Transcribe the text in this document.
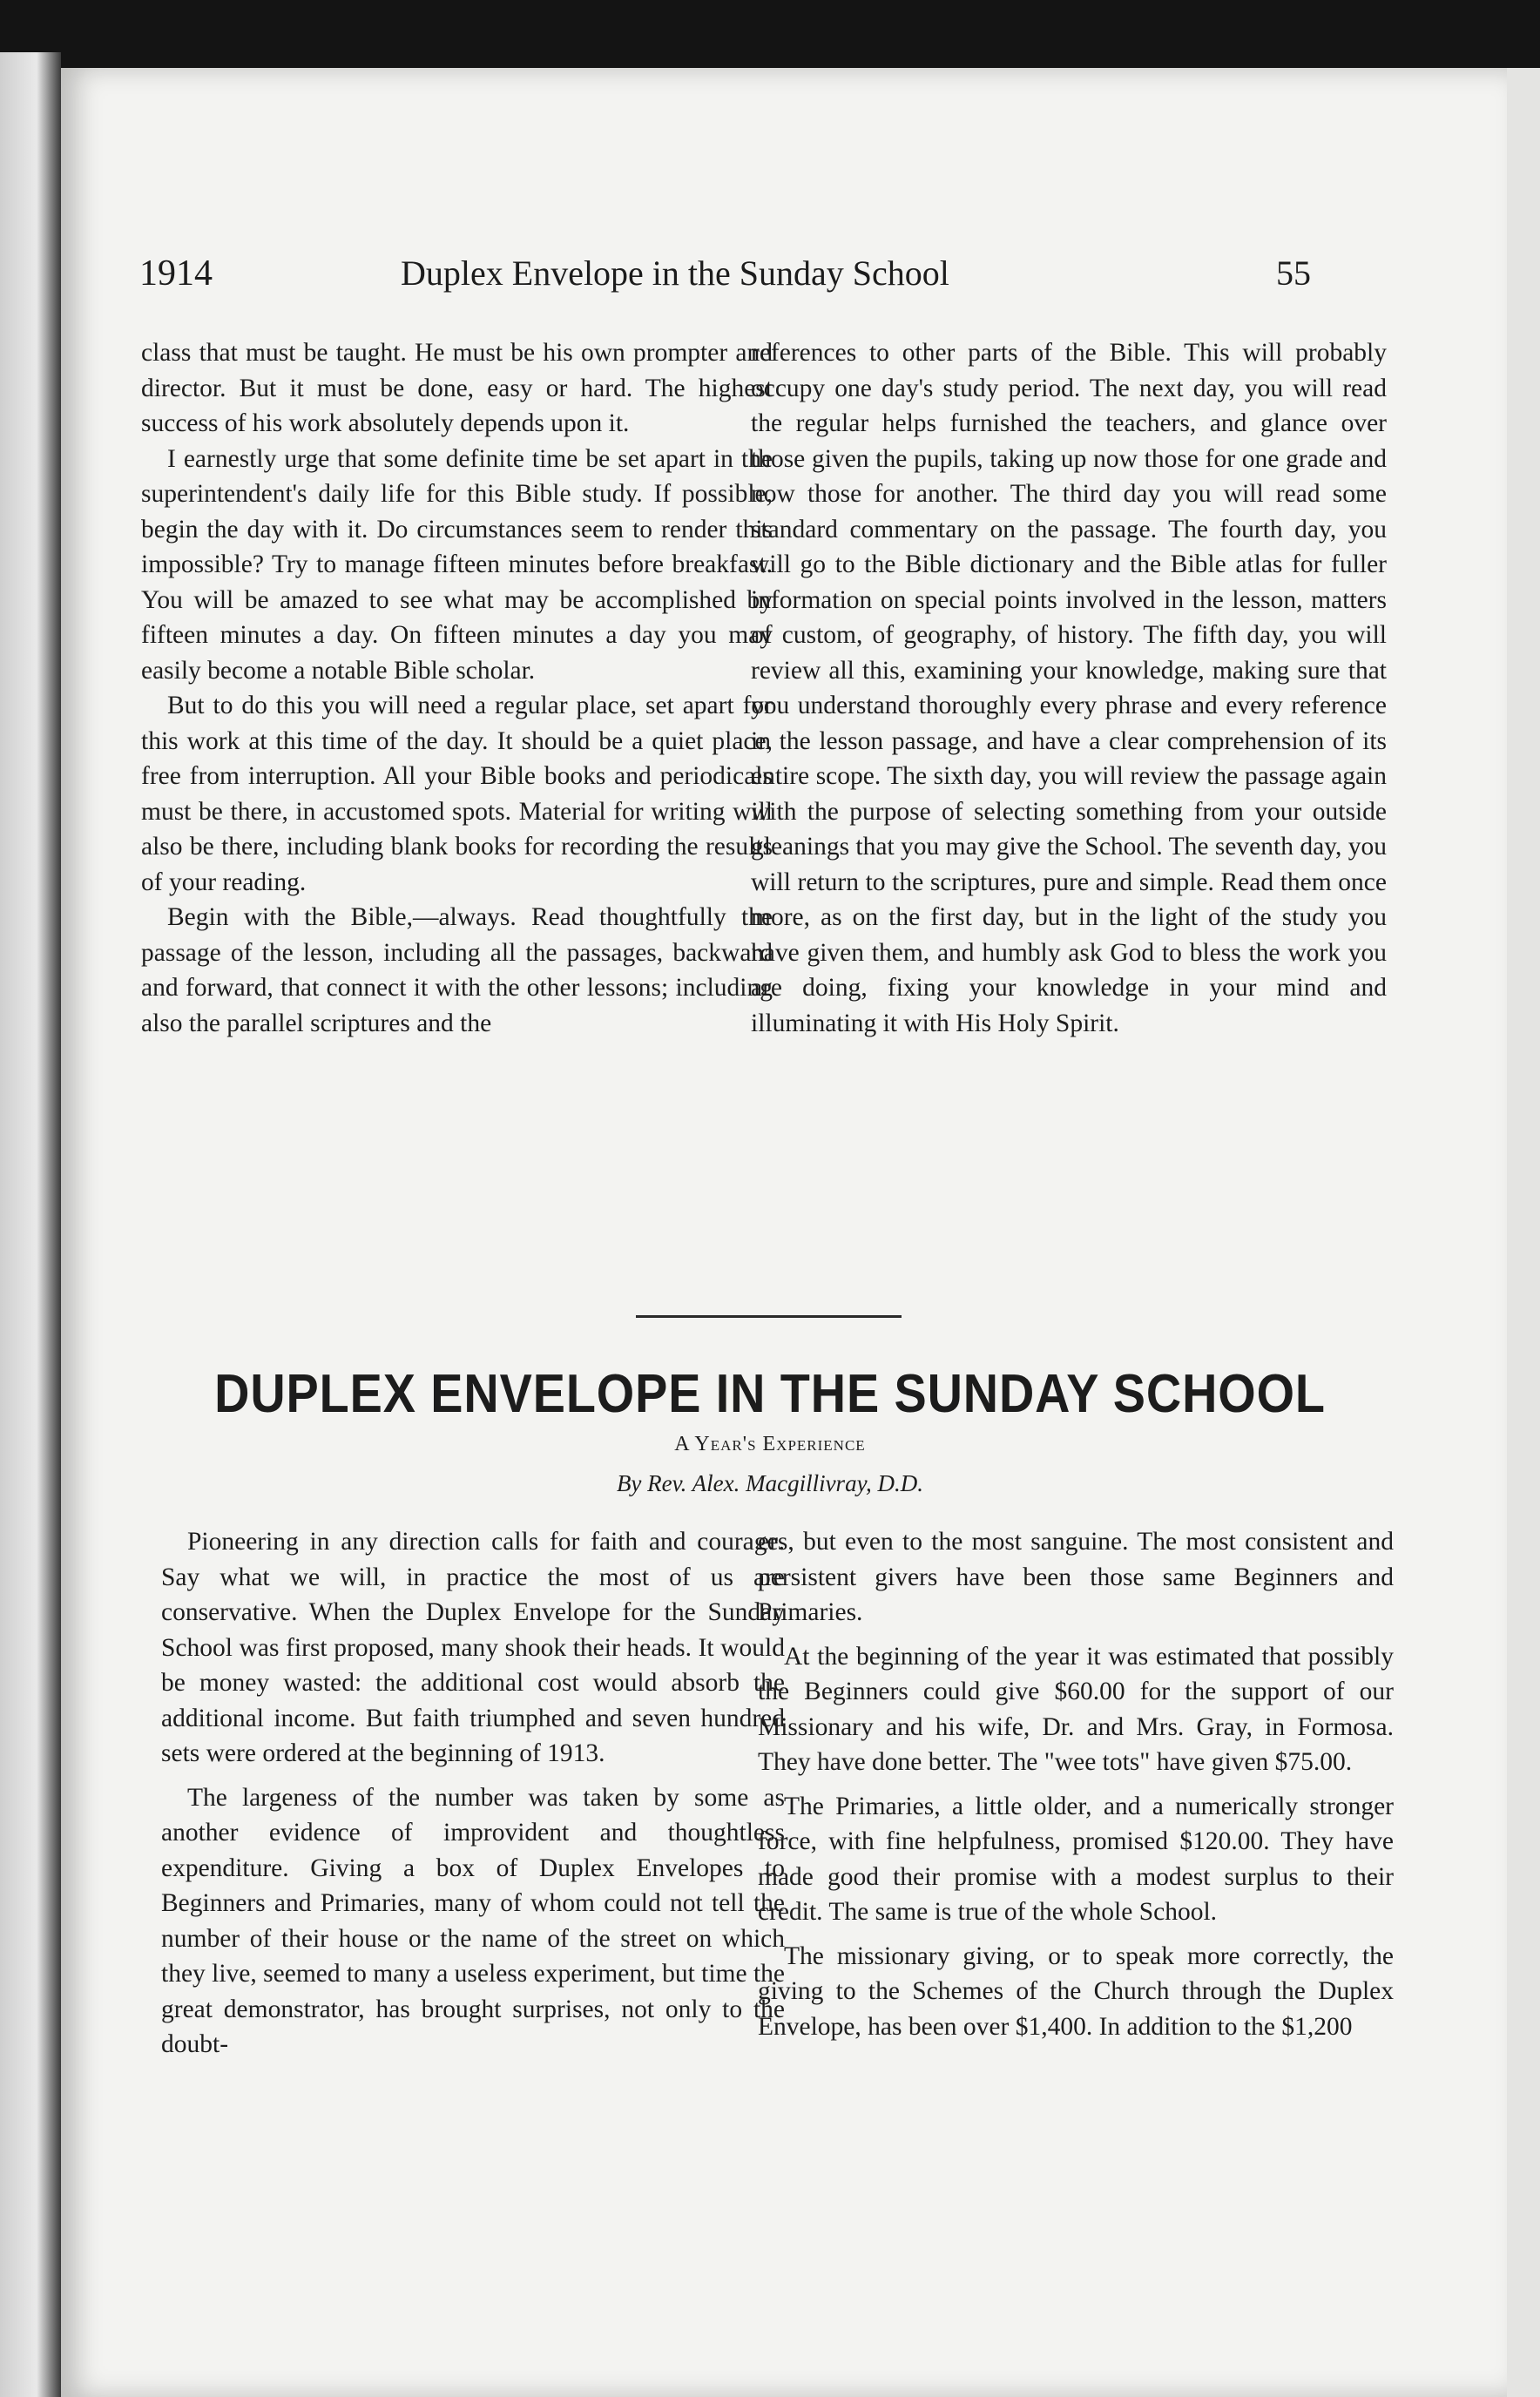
1914	Duplex Envelope in the Sunday School	55

class that must be taught. He must be his own prompter and director. But it must be done, easy or hard. The highest success of his work absolutely depends upon it.

I earnestly urge that some definite time be set apart in the superintendent's daily life for this Bible study. If possible, begin the day with it. Do circumstances seem to render this impossible? Try to manage fifteen minutes before breakfast. You will be amazed to see what may be accomplished by fifteen minutes a day. On fifteen minutes a day you may easily become a notable Bible scholar.

But to do this you will need a regular place, set apart for this work at this time of the day. It should be a quiet place, free from interruption. All your Bible books and periodicals must be there, in accustomed spots. Material for writing will also be there, including blank books for recording the results of your reading.

Begin with the Bible,—always. Read thoughtfully the passage of the lesson, including all the passages, backward and forward, that connect it with the other lessons; including also the parallel scriptures and the

references to other parts of the Bible. This will probably occupy one day's study period. The next day, you will read the regular helps furnished the teachers, and glance over those given the pupils, taking up now those for one grade and now those for another. The third day you will read some standard commentary on the passage. The fourth day, you will go to the Bible dictionary and the Bible atlas for fuller information on special points involved in the lesson, matters of custom, of geography, of history. The fifth day, you will review all this, examining your knowledge, making sure that you understand thoroughly every phrase and every reference in the lesson passage, and have a clear comprehension of its entire scope. The sixth day, you will review the passage again with the purpose of selecting something from your outside gleanings that you may give the School. The seventh day, you will return to the scriptures, pure and simple. Read them once more, as on the first day, but in the light of the study you have given them, and humbly ask God to bless the work you are doing, fixing your knowledge in your mind and illuminating it with His Holy Spirit.

DUPLEX ENVELOPE IN THE SUNDAY SCHOOL
A Year's Experience
By Rev. Alex. Macgillivray, D.D.

Pioneering in any direction calls for faith and courage. Say what we will, in practice the most of us are conservative. When the Duplex Envelope for the Sunday School was first proposed, many shook their heads. It would be money wasted: the additional cost would absorb the additional income. But faith triumphed and seven hundred sets were ordered at the beginning of 1913.

The largeness of the number was taken by some as another evidence of improvident and thoughtless expenditure. Giving a box of Duplex Envelopes to Beginners and Primaries, many of whom could not tell the number of their house or the name of the street on which they live, seemed to many a useless experiment, but time the great demonstrator, has brought surprises, not only to the doubt-

ers, but even to the most sanguine. The most consistent and persistent givers have been those same Beginners and Primaries.

At the beginning of the year it was estimated that possibly the Beginners could give $60.00 for the support of our Missionary and his wife, Dr. and Mrs. Gray, in Formosa. They have done better. The "wee tots" have given $75.00.

The Primaries, a little older, and a numerically stronger force, with fine helpfulness, promised $120.00. They have made good their promise with a modest surplus to their credit. The same is true of the whole School.

The missionary giving, or to speak more correctly, the giving to the Schemes of the Church through the Duplex Envelope, has been over $1,400. In addition to the $1,200
